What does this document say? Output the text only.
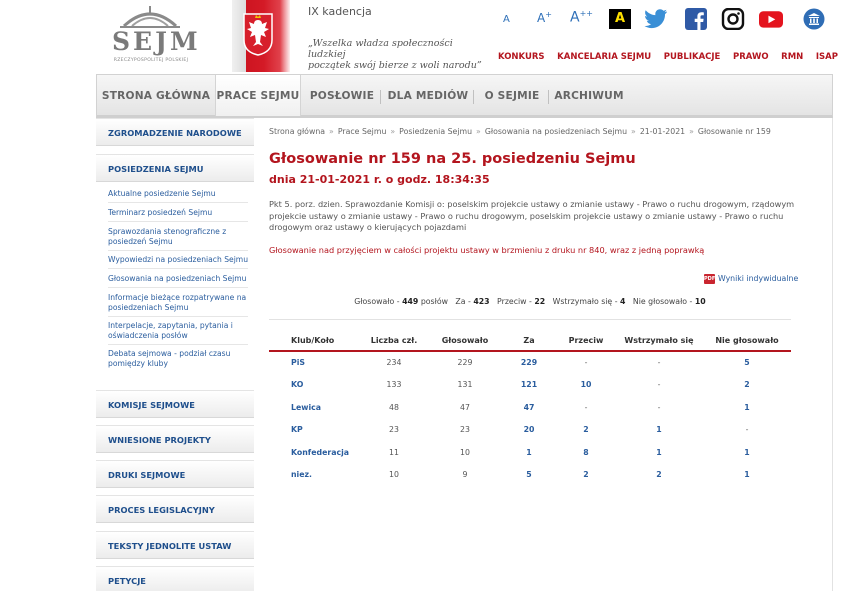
SEJM
RZECZYPOSPOLITEJ POLSKIEJ
IX kadencja
„Wszelka władza społeczności ludzkiej
początek swój bierze z woli narodu”
A A+ A++	A
KONKURS KANCELARIA SEJMU PUBLIKACJE PRAWO RMN ISAP
STRONA GŁÓWNA PRACE SEJMU POSŁOWIE	DLA MEDIÓW	O SEJMIE	ARCHIWUM
ZGROMADZENIE NARODOWE
POSIEDZENIA SEJMU
Aktualne posiedzenie Sejmu
Terminarz posiedzeń Sejmu
Sprawozdania stenograficzne z
posiedzeń Sejmu
Wypowiedzi na posiedzeniach Sejmu
Głosowania na posiedzeniach Sejmu
Informacje bieżące rozpatrywane na
posiedzeniach Sejmu
Interpelacje, zapytania, pytania i
oświadczenia posłów
Debata sejmowa - podział czasu
pomiędzy kluby
KOMISJE SEJMOWE
WNIESIONE PROJEKTY
DRUKI SEJMOWE
PROCES LEGISLACYJNY
TEKSTY JEDNOLITE USTAW
PETYCJE
Strona główna » Prace Sejmu » Posiedzenia Sejmu » Głosowania na posiedzeniach Sejmu » 21-01-2021 » Głosowanie nr 159
Głosowanie nr 159 na 25. posiedzeniu Sejmu
dnia 21-01-2021 r. o godz. 18:34:35
Pkt 5. porz. dzien. Sprawozdanie Komisji o: poselskim projekcie ustawy o zmianie ustawy - Prawo o ruchu drogowym, rządowym projekcie ustawy o zmianie ustawy - Prawo o ruchu drogowym, poselskim projekcie ustawy o zmianie ustawy - Prawo o ruchu drogowym oraz ustawy o kierujących pojazdami
Głosowanie nad przyjęciem w całości projektu ustawy w brzmieniu z druku nr 840, wraz z jedną poprawką
PDF Wyniki indywidualne
Głosowało - 449 posłów Za - 423 Przeciw - 22 Wstrzymało się - 4 Nie głosowało - 10
Klub/Koło	Liczba czł.	Głosowało	Za	Przeciw	Wstrzymało się	Nie głosowało
PiS	234	229	229	-	-	5
KO	133	131	121	10	-	2
Lewica	48	47	47	-	-	1
KP	23	23	20	2	1	-
Konfederacja	11	10	1	8	1	1
niez.	10	9	5	2	2	1
